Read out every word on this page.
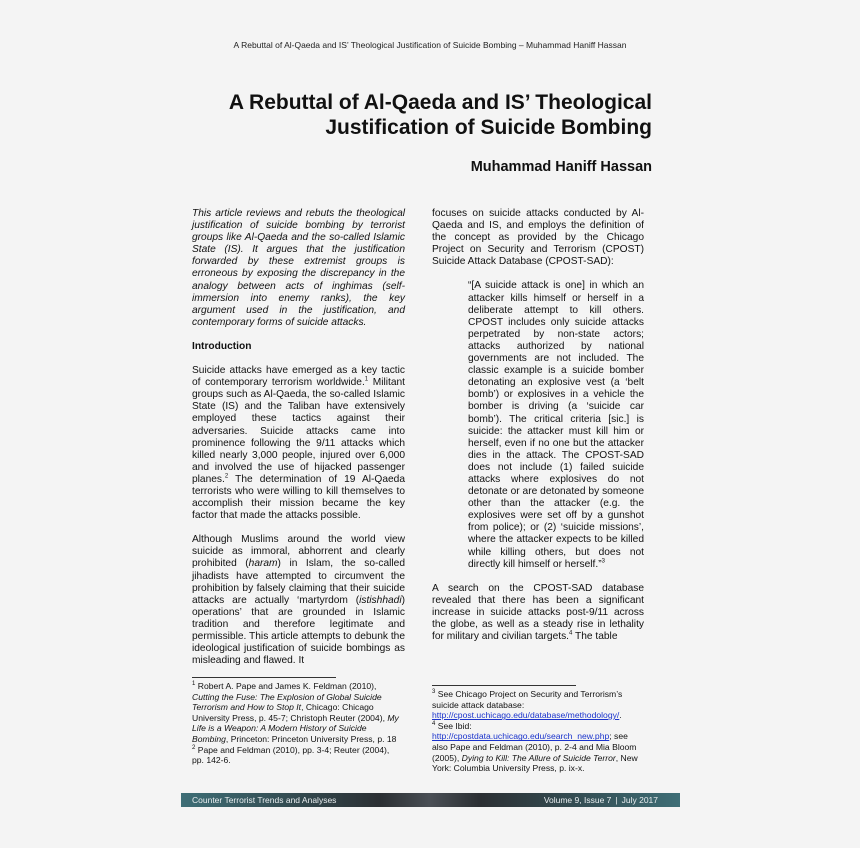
A Rebuttal of Al-Qaeda and IS’ Theological Justification of Suicide Bombing – Muhammad Haniff Hassan
A Rebuttal of Al-Qaeda and IS’ Theological
Justification of Suicide Bombing
Muhammad Haniff Hassan

This article reviews and rebuts the theological justification of suicide bombing by terrorist groups like Al-Qaeda and the so-called Islamic State (IS). It argues that the justification forwarded by these extremist groups is erroneous by exposing the discrepancy in the analogy between acts of inghimas (self-immersion into enemy ranks), the key argument used in the justification, and contemporary forms of suicide attacks.

Introduction

Suicide attacks have emerged as a key tactic of contemporary terrorism worldwide.$^1$ Militant groups such as Al-Qaeda, the so-called Islamic State (IS) and the Taliban have extensively employed these tactics against their adversaries. Suicide attacks came into prominence following the 9/11 attacks which killed nearly 3,000 people, injured over 6,000 and involved the use of hijacked passenger planes.$^2$ The determination of 19 Al-Qaeda terrorists who were willing to kill themselves to accomplish their mission became the key factor that made the attacks possible.

Although Muslims around the world view suicide as immoral, abhorrent and clearly prohibited (haram) in Islam, the so-called jihadists have attempted to circumvent the prohibition by falsely claiming that their suicide attacks are actually ‘martyrdom (istishhadi) operations’ that are grounded in Islamic tradition and therefore legitimate and permissible. This article attempts to debunk the ideological justification of suicide bombings as misleading and flawed. It

focuses on suicide attacks conducted by Al-Qaeda and IS, and employs the definition of the concept as provided by the Chicago Project on Security and Terrorism (CPOST) Suicide Attack Database (CPOST-SAD):

“[A suicide attack is one] in which an attacker kills himself or herself in a deliberate attempt to kill others. CPOST includes only suicide attacks perpetrated by non-state actors; attacks authorized by national governments are not included. The classic example is a suicide bomber detonating an explosive vest (a ‘belt bomb’) or explosives in a vehicle the bomber is driving (a ‘suicide car bomb’). The critical criteria [sic.] is suicide: the attacker must kill him or herself, even if no one but the attacker dies in the attack. The CPOST-SAD does not include (1) failed suicide attacks where explosives do not detonate or are detonated by someone other than the attacker (e.g. the explosives were set off by a gunshot from police); or (2) ‘suicide missions’, where the attacker expects to be killed while killing others, but does not directly kill himself or herself.”$^3$

A search on the CPOST-SAD database revealed that there has been a significant increase in suicide attacks post-9/11 across the globe, as well as a steady rise in lethality for military and civilian targets.$^4$ The table

$^1$ Robert A. Pape and James K. Feldman (2010), Cutting the Fuse: The Explosion of Global Suicide Terrorism and How to Stop It, Chicago: Chicago University Press, p. 45-7; Christoph Reuter (2004), My Life is a Weapon: A Modern History of Suicide Bombing, Princeton: Princeton University Press, p. 18

$^2$ Pape and Feldman (2010), pp. 3-4; Reuter (2004), pp. 142-6.

$^3$ See Chicago Project on Security and Terrorism’s suicide attack database:
http://cpost.uchicago.edu/database/methodology/.

$^4$ See Ibid:
http://cpostdata.uchicago.edu/search_new.php; see also Pape and Feldman (2010), p. 2-4 and Mia Bloom (2005), Dying to Kill: The Allure of Suicide Terror, New York: Columbia University Press, p. ix-x.

Counter Terrorist Trends and Analyses	Volume 9, Issue 7 | July 2017
